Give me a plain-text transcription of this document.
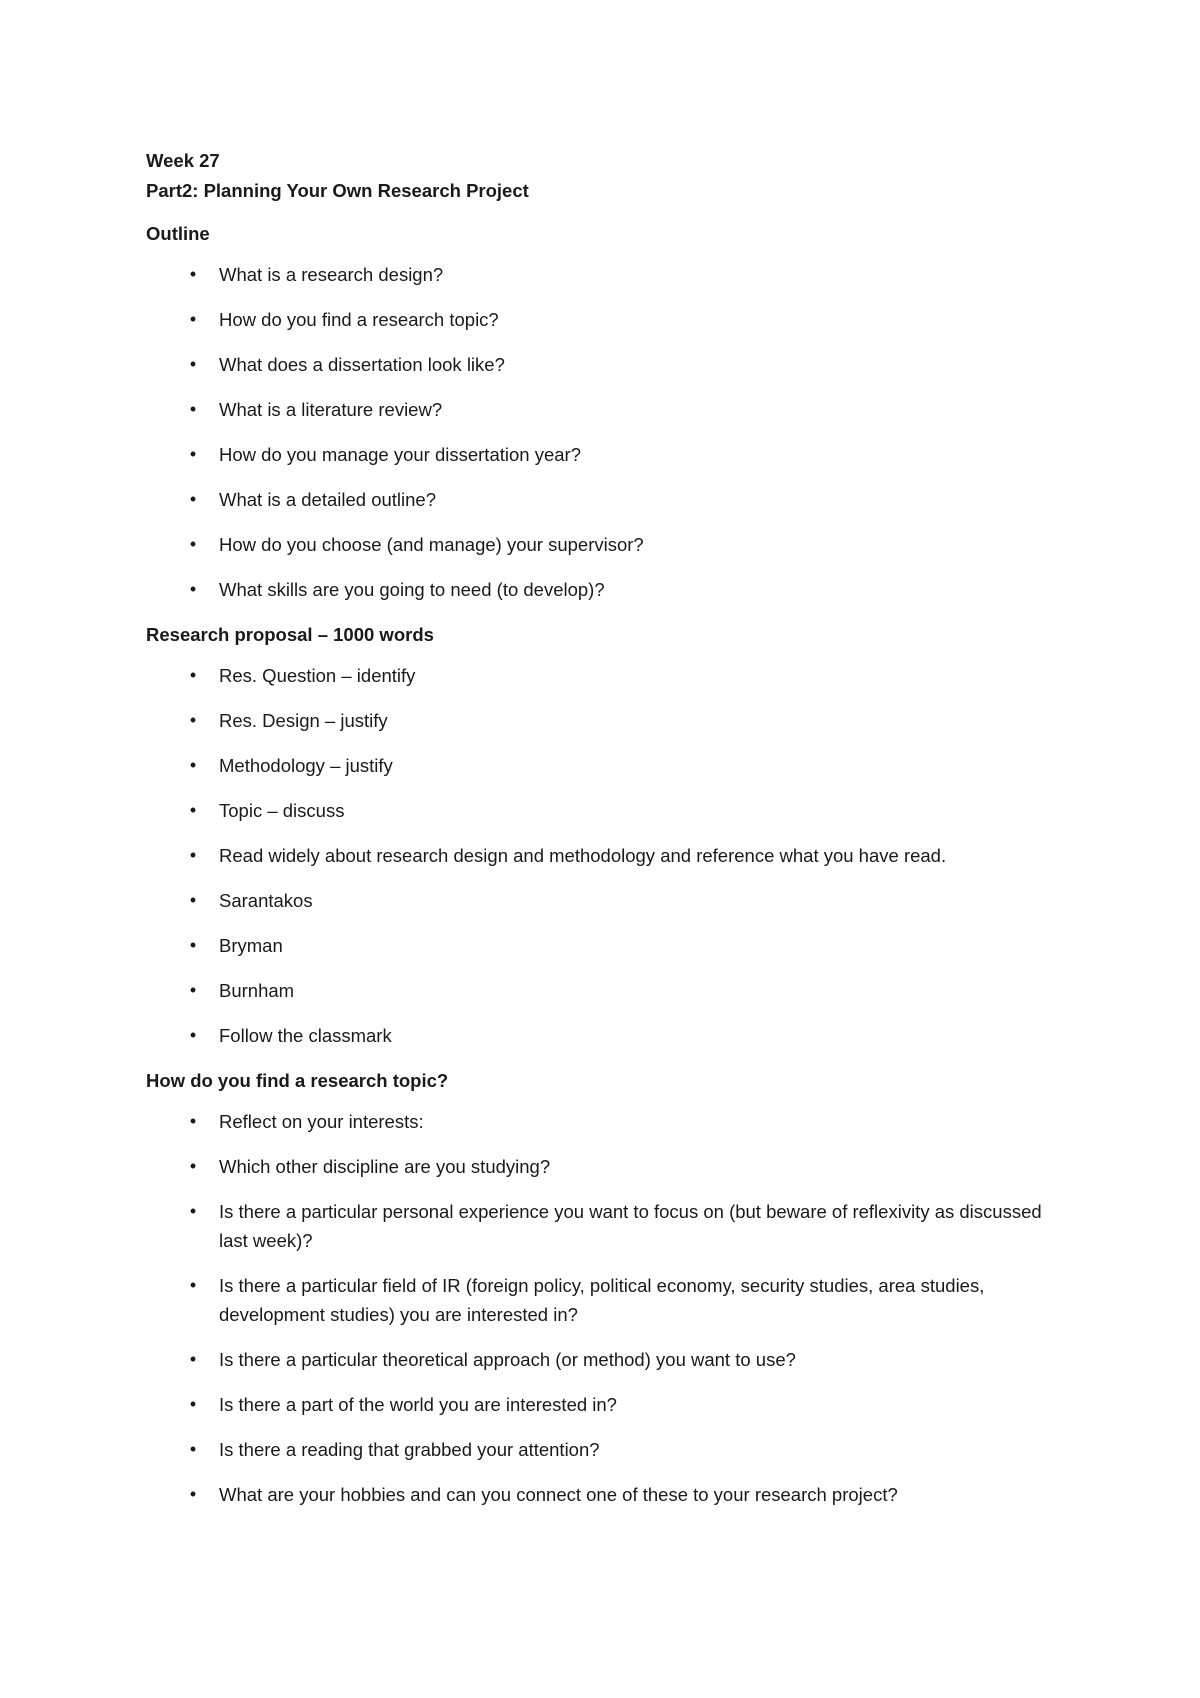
Week 27

Part2: Planning Your Own Research Project

Outline

• What is a research design?
• How do you find a research topic?
• What does a dissertation look like?
• What is a literature review?
• How do you manage your dissertation year?
• What is a detailed outline?
• How do you choose (and manage) your supervisor?
• What skills are you going to need (to develop)?

Research proposal – 1000 words

• Res. Question – identify
• Res. Design – justify
• Methodology – justify
• Topic – discuss
• Read widely about research design and methodology and reference what you have read.
• Sarantakos
• Bryman
• Burnham
• Follow the classmark

How do you find a research topic?

• Reflect on your interests:
• Which other discipline are you studying?
• Is there a particular personal experience you want to focus on (but beware of reflexivity as discussed last week)?
• Is there a particular field of IR (foreign policy, political economy, security studies, area studies, development studies) you are interested in?
• Is there a particular theoretical approach (or method) you want to use?
• Is there a part of the world you are interested in?
• Is there a reading that grabbed your attention?
• What are your hobbies and can you connect one of these to your research project?
